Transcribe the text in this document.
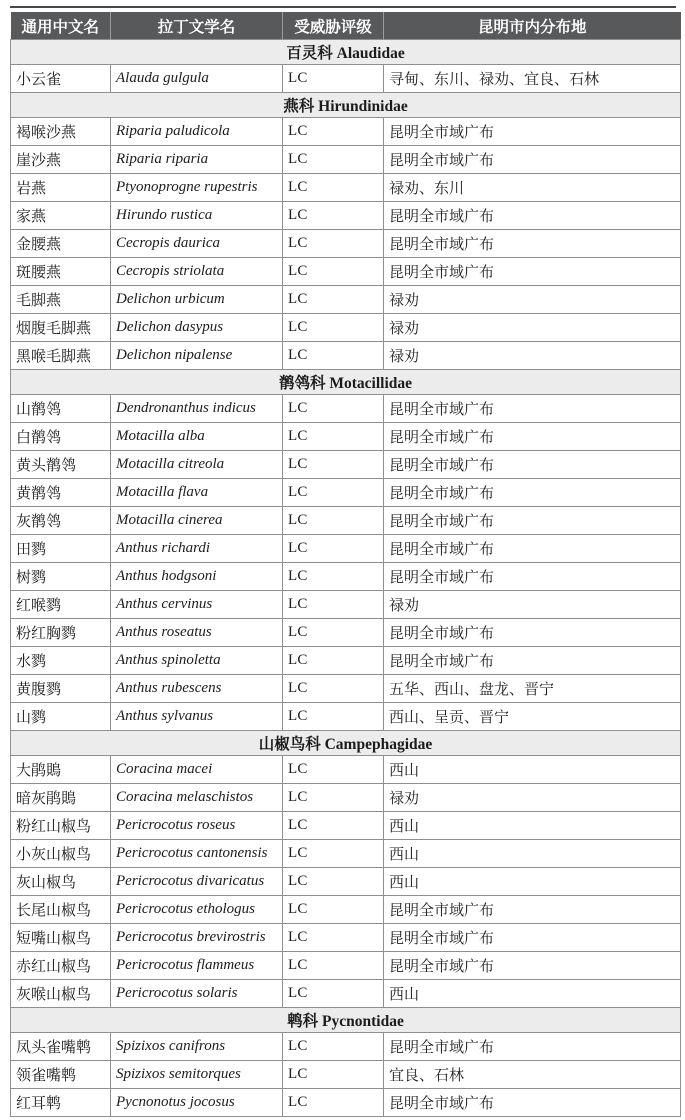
通用中文名	拉丁文学名	受威胁评级	昆明市内分布地
百灵科 Alaudidae			
小云雀	Alauda gulgula	LC	寻甸、东川、禄劝、宜良、石林
燕科 Hirundinidae			
褐喉沙燕	Riparia paludicola	LC	昆明全市域广布
崖沙燕	Riparia riparia	LC	昆明全市域广布
岩燕	Ptyonoprogne rupestris	LC	禄劝、东川
家燕	Hirundo rustica	LC	昆明全市域广布
金腰燕	Cecropis daurica	LC	昆明全市域广布
斑腰燕	Cecropis striolata	LC	昆明全市域广布
毛脚燕	Delichon urbicum	LC	禄劝
烟腹毛脚燕	Delichon dasypus	LC	禄劝
黑喉毛脚燕	Delichon nipalense	LC	禄劝
鹡鸰科 Motacillidae			
山鹡鸰	Dendronanthus indicus	LC	昆明全市域广布
白鹡鸰	Motacilla alba	LC	昆明全市域广布
黄头鹡鸰	Motacilla citreola	LC	昆明全市域广布
黄鹡鸰	Motacilla flava	LC	昆明全市域广布
灰鹡鸰	Motacilla cinerea	LC	昆明全市域广布
田鹨	Anthus richardi	LC	昆明全市域广布
树鹨	Anthus hodgsoni	LC	昆明全市域广布
红喉鹨	Anthus cervinus	LC	禄劝
粉红胸鹨	Anthus roseatus	LC	昆明全市域广布
水鹨	Anthus spinoletta	LC	昆明全市域广布
黄腹鹨	Anthus rubescens	LC	五华、西山、盘龙、晋宁
山鹨	Anthus sylvanus	LC	西山、呈贡、晋宁
山椒鸟科 Campephagidae			
大鹃鵙	Coracina macei	LC	西山
暗灰鹃鵙	Coracina melaschistos	LC	禄劝
粉红山椒鸟	Pericrocotus roseus	LC	西山
小灰山椒鸟	Pericrocotus cantonensis	LC	西山
灰山椒鸟	Pericrocotus divaricatus	LC	西山
长尾山椒鸟	Pericrocotus ethologus	LC	昆明全市域广布
短嘴山椒鸟	Pericrocotus brevirostris	LC	昆明全市域广布
赤红山椒鸟	Pericrocotus flammeus	LC	昆明全市域广布
灰喉山椒鸟	Pericrocotus solaris	LC	西山
鹎科 Pycnontidae			
凤头雀嘴鹎	Spizixos canifrons	LC	昆明全市域广布
领雀嘴鹎	Spizixos semitorques	LC	宜良、石林
红耳鹎	Pycnonotus jocosus	LC	昆明全市域广布
